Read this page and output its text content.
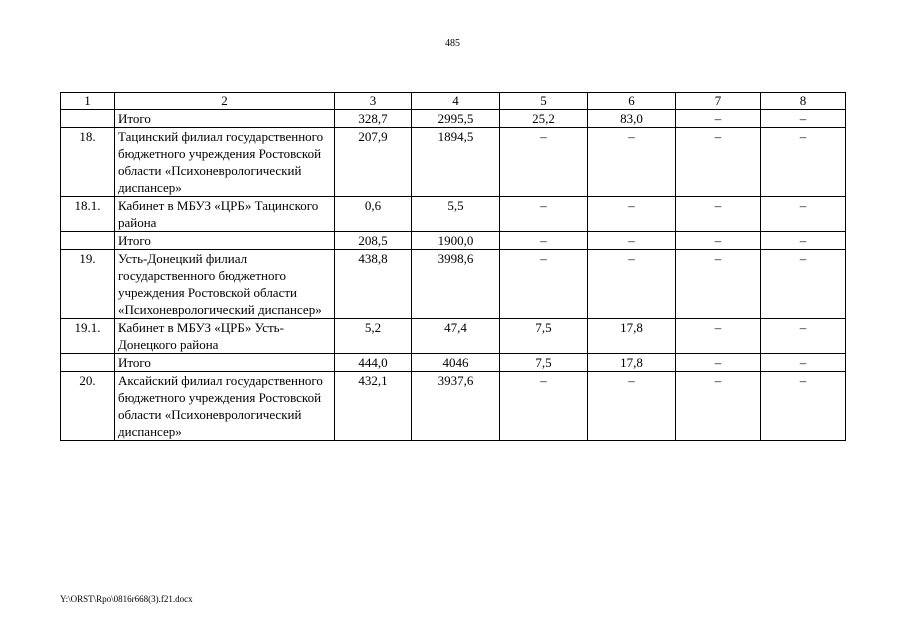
485
1	2	3	4	5	6	7	8
	Итого	328,7	2995,5	25,2	83,0	–	–
18.	Тацинский филиал государственного бюджетного учреждения Ростовской области «Психоневрологический диспансер»	207,9	1894,5	–	–	–	–
18.1.	Кабинет в МБУЗ «ЦРБ» Тацинского района	0,6	5,5	–	–	–	–
	Итого	208,5	1900,0	–	–	–	–
19.	Усть-Донецкий филиал государственного бюджетного учреждения Ростовской области «Психоневрологический диспансер»	438,8	3998,6	–	–	–	–
19.1.	Кабинет в МБУЗ «ЦРБ» Усть-Донецкого района	5,2	47,4	7,5	17,8	–	–
	Итого	444,0	4046	7,5	17,8	–	–
20.	Аксайский филиал государственного бюджетного учреждения Ростовской области «Психоневрологический диспансер»	432,1	3937,6	–	–	–	–
Y:\ORST\Rpo\0816r668(3).f21.docx
